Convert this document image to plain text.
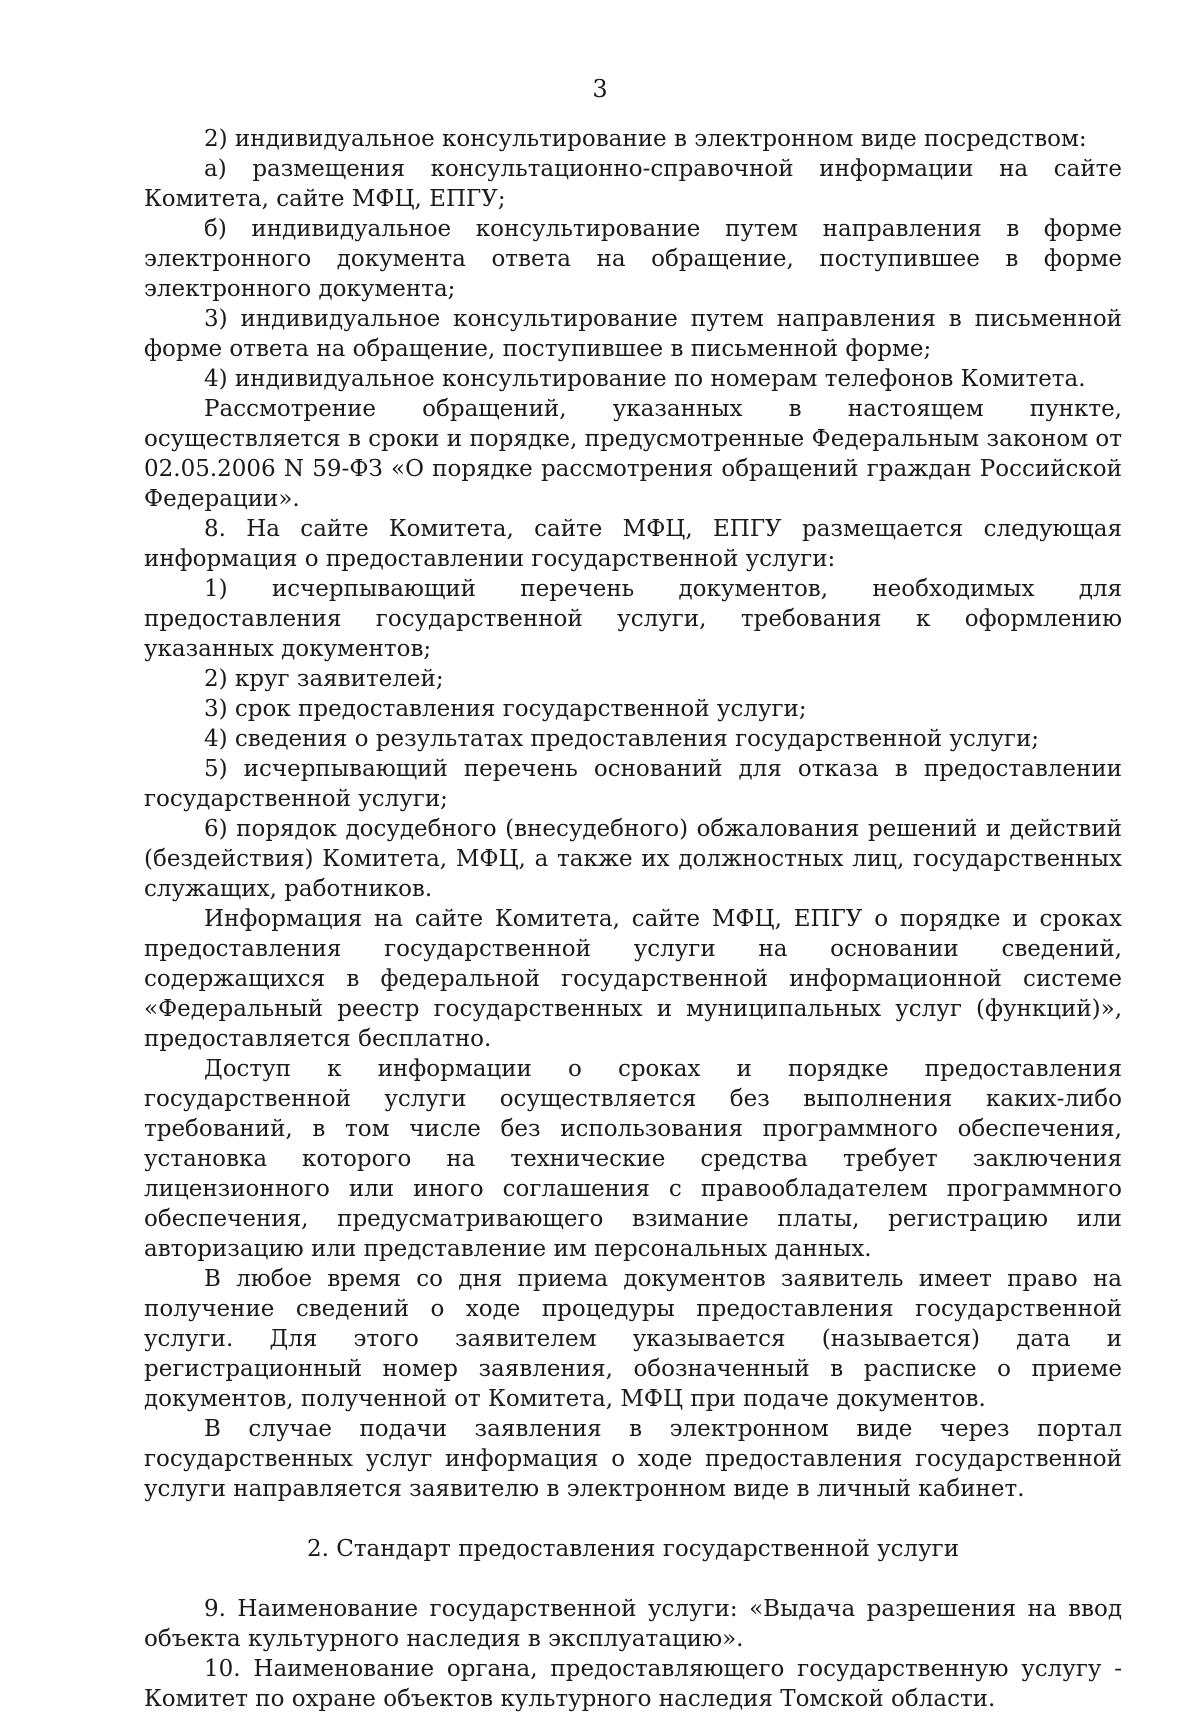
3

2) индивидуальное консультирование в электронном виде посредством:

а) размещения консультационно-справочной информации на сайте Комитета, сайте МФЦ, ЕПГУ;

б) индивидуальное консультирование путем направления в форме электронного документа ответа на обращение, поступившее в форме электронного документа;

3) индивидуальное консультирование путем направления в письменной форме ответа на обращение, поступившее в письменной форме;

4) индивидуальное консультирование по номерам телефонов Комитета.

Рассмотрение обращений, указанных в настоящем пункте, осуществляется в сроки и порядке, предусмотренные Федеральным законом от 02.05.2006 N 59-ФЗ «О порядке рассмотрения обращений граждан Российской Федерации».

8. На сайте Комитета, сайте МФЦ, ЕПГУ размещается следующая информация о предоставлении государственной услуги:

1) исчерпывающий перечень документов, необходимых для предоставления государственной услуги, требования к оформлению указанных документов;

2) круг заявителей;

3) срок предоставления государственной услуги;

4) сведения о результатах предоставления государственной услуги;

5) исчерпывающий перечень оснований для отказа в предоставлении государственной услуги;

6) порядок досудебного (внесудебного) обжалования решений и действий (бездействия) Комитета, МФЦ, а также их должностных лиц, государственных служащих, работников.

Информация на сайте Комитета, сайте МФЦ, ЕПГУ о порядке и сроках предоставления государственной услуги на основании сведений, содержащихся в федеральной государственной информационной системе «Федеральный реестр государственных и муниципальных услуг (функций)», предоставляется бесплатно.

Доступ к информации о сроках и порядке предоставления государственной услуги осуществляется без выполнения каких-либо требований, в том числе без использования программного обеспечения, установка которого на технические средства требует заключения лицензионного или иного соглашения с правообладателем программного обеспечения, предусматривающего взимание платы, регистрацию или авторизацию или представление им персональных данных.

В любое время со дня приема документов заявитель имеет право на получение сведений о ходе процедуры предоставления государственной услуги. Для этого заявителем указывается (называется) дата и регистрационный номер заявления, обозначенный в расписке о приеме документов, полученной от Комитета, МФЦ при подаче документов.

В случае подачи заявления в электронном виде через портал государственных услуг информация о ходе предоставления государственной услуги направляется заявителю в электронном виде в личный кабинет.

2. Стандарт предоставления государственной услуги

9. Наименование государственной услуги: «Выдача разрешения на ввод объекта культурного наследия в эксплуатацию».

10. Наименование органа, предоставляющего государственную услугу - Комитет по охране объектов культурного наследия Томской области.
